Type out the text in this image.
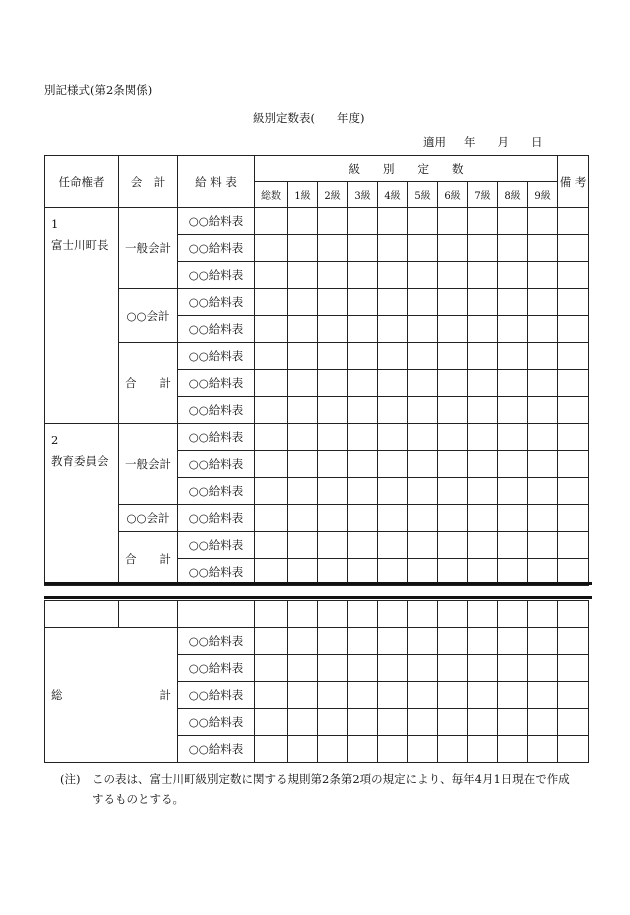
別記様式(第2条関係)
級別定数表( 年度)
適用 年 月 日
任命権者	会　計	給 料 表	級　　別　　定　　数										備 考
			総数	1級	2級	3級	4級	5級	6級	7級	8級	9級	

1
富士川町長	一般会計	○○給料表											
		○○給料表											
		○○給料表											
	○○会計	○○給料表											
		○○給料表											

	合 計	○○給料表											
		○○給料表											
		○○給料表											

2
教育委員会	一般会計	○○給料表											
		○○給料表											
		○○給料表											
	○○会計	○○給料表											

	合 計	○○給料表											
		○○給料表											

総 計		○○給料表											
		○○給料表											
		○○給料表											
		○○給料表											
		○○給料表											
(注) この表は、富士川町級別定数に関する規則第2条第2項の規定により、毎年4月1日現在で作成
するものとする。
